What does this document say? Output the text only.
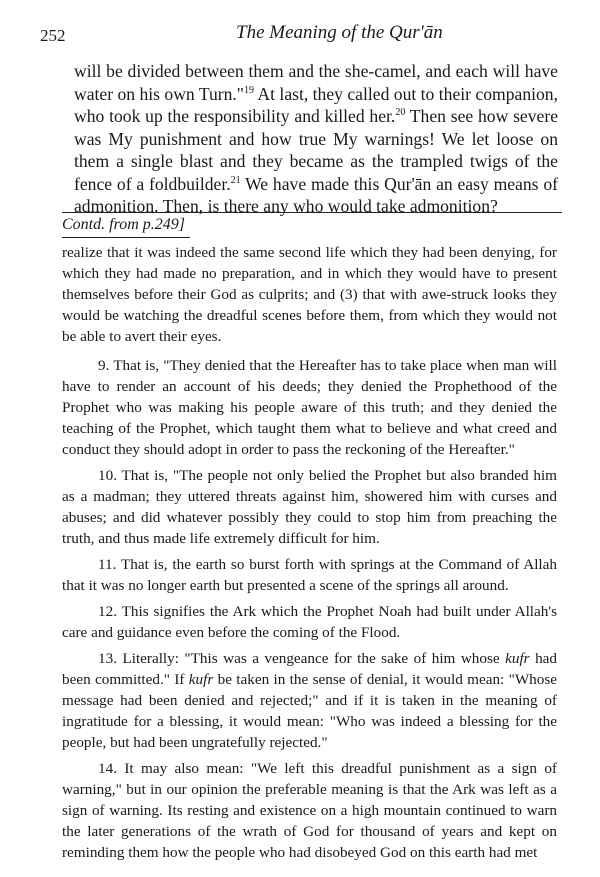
252	The Meaning of the Qur'ān
will be divided between them and the she-camel, and each will have water on his own Turn."$^{19}$ At last, they called out to their companion, who took up the responsibility and killed her.$^{20}$ Then see how severe was My punishment and how true My warnings! We let loose on them a single blast and they became as the trampled twigs of the fence of a foldbuilder.$^{21}$ We have made this Qur'ān an easy means of admonition. Then, is there any who would take admonition?
Contd. from p.249]

realize that it was indeed the same second life which they had been denying, for which they had made no preparation, and in which they would have to present themselves before their God as culprits; and (3) that with awe-struck looks they would be watching the dreadful scenes before them, from which they would not be able to avert their eyes.

9. That is, "They denied that the Hereafter has to take place when man will have to render an account of his deeds; they denied the Prophethood of the Prophet who was making his people aware of this truth; and they denied the teaching of the Prophet, which taught them what to believe and what creed and conduct they should adopt in order to pass the reckoning of the Hereafter."

10. That is, "The people not only belied the Prophet but also branded him as a madman; they uttered threats against him, showered him with curses and abuses; and did whatever possibly they could to stop him from preaching the truth, and thus made life extremely difficult for him.

11. That is, the earth so burst forth with springs at the Command of Allah that it was no longer earth but presented a scene of the springs all around.

12. This signifies the Ark which the Prophet Noah had built under Allah's care and guidance even before the coming of the Flood.

13. Literally: "This was a vengeance for the sake of him whose kufr had been committed." If kufr be taken in the sense of denial, it would mean: "Whose message had been denied and rejected;" and if it is taken in the meaning of ingratitude for a blessing, it would mean: "Who was indeed a blessing for the people, but had been ungratefully rejected."

14. It may also mean: "We left this dreadful punishment as a sign of warning," but in our opinion the preferable meaning is that the Ark was left as a sign of warning. Its resting and existence on a high mountain continued to warn the later generations of the wrath of God for thousand of years and kept on reminding them how the people who had disobeyed God on this earth had met
